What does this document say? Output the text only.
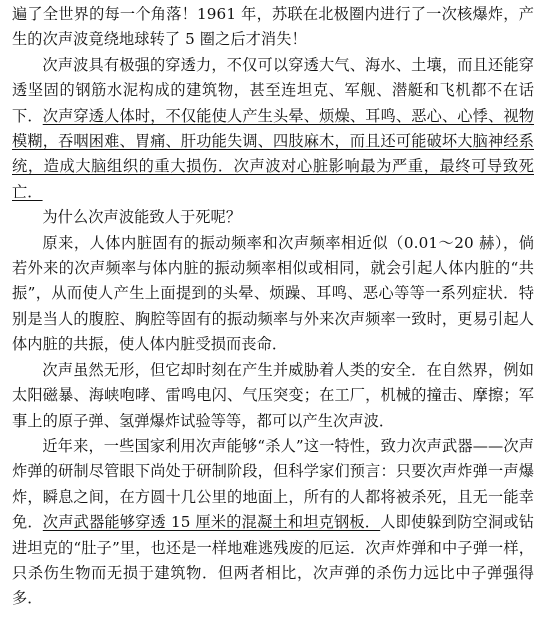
遍了全世界的每一个角落！1961 年，苏联在北极圈内进行了一次核爆炸，产生的次声波竟绕地球转了 5 圈之后才消失！

次声波具有极强的穿透力，不仅可以穿透大气、海水、土壤，而且还能穿透坚固的钢筋水泥构成的建筑物，甚至连坦克、军舰、潜艇和飞机都不在话下．次声穿透人体时，不仅能使人产生头晕、烦燥、耳鸣、恶心、心悸、视物模糊，吞咽困难、胃痛、肝功能失调、四肢麻木，而且还可能破坏大脑神经系统，造成大脑组织的重大损伤．次声波对心脏影响最为严重，最终可导致死亡．

为什么次声波能致人于死呢？

原来，人体内脏固有的振动频率和次声频率相近似（0.01～20 赫），倘若外来的次声频率与体内脏的振动频率相似或相同，就会引起人体内脏的“共振”，从而使人产生上面提到的头晕、烦躁、耳鸣、恶心等等一系列症状．特别是当人的腹腔、胸腔等固有的振动频率与外来次声频率一致时，更易引起人体内脏的共振，使人体内脏受损而丧命．

次声虽然无形，但它却时刻在产生并威胁着人类的安全．在自然界，例如太阳磁暴、海峡咆哮、雷鸣电闪、气压突变；在工厂，机械的撞击、摩擦；军事上的原子弹、氢弹爆炸试验等等，都可以产生次声波．

近年来，一些国家利用次声能够“杀人”这一特性，致力次声武器——次声炸弹的研制尽管眼下尚处于研制阶段，但科学家们预言：只要次声炸弹一声爆炸，瞬息之间，在方圆十几公里的地面上，所有的人都将被杀死，且无一能幸免．次声武器能够穿透 15 厘米的混凝土和坦克钢板．人即使躲到防空洞或钻进坦克的“肚子”里，也还是一样地难逃残废的厄运．次声炸弹和中子弹一样，只杀伤生物而无损于建筑物．但两者相比，次声弹的杀伤力远比中子弹强得多．
